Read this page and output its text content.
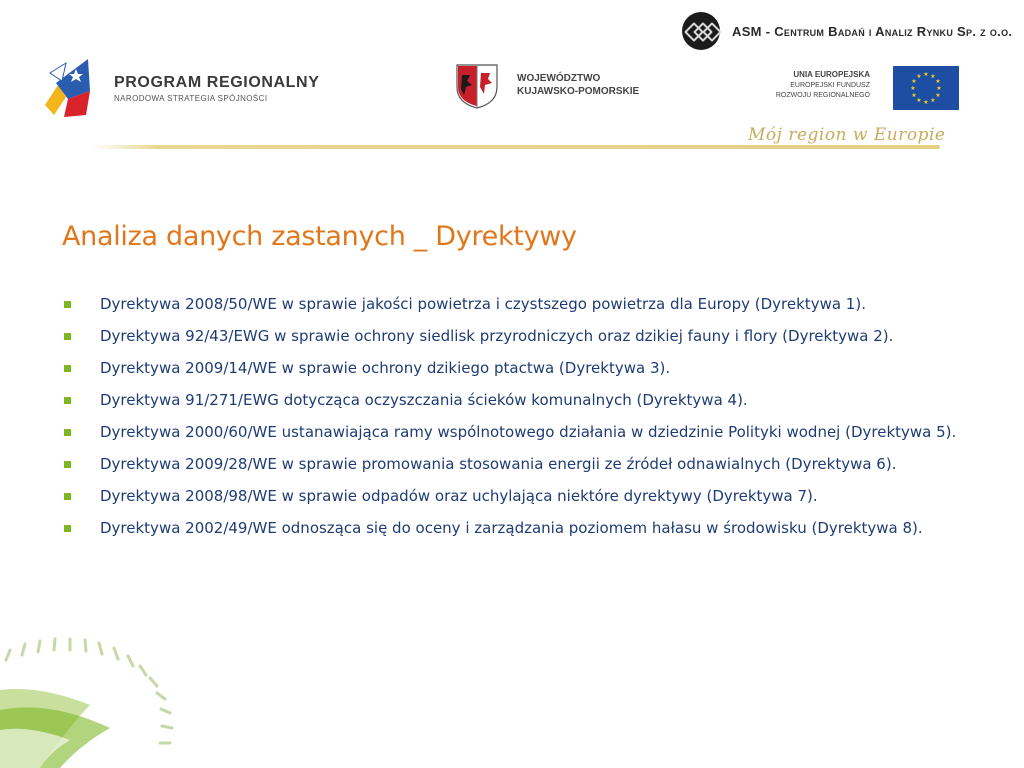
ASM - Centrum Badań i Analiz Rynku Sp. z o.o.
PROGRAM REGIONALNY
NARODOWA STRATEGIA SPÓJNOŚCI
WOJEWÓDZTWO
KUJAWSKO-POMORSKIE
UNIA EUROPEJSKA
EUROPEJSKI FUNDUSZ
ROZWOJU REGIONALNEGO
★ ★
★
★
★
★
★
★
★
★
★
★
Mój region w Europie
Analiza danych zastanych _ Dyrektywy
Dyrektywa 2008/50/WE w sprawie jakości powietrza i czystszego powietrza dla Europy (Dyrektywa 1).
Dyrektywa 92/43/EWG w sprawie ochrony siedlisk przyrodniczych oraz dzikiej fauny i flory (Dyrektywa 2).
Dyrektywa 2009/14/WE w sprawie ochrony dzikiego ptactwa (Dyrektywa 3).
Dyrektywa 91/271/EWG dotycząca oczyszczania ścieków komunalnych (Dyrektywa 4).
Dyrektywa 2000/60/WE ustanawiająca ramy wspólnotowego działania w dziedzinie Polityki wodnej (Dyrektywa 5).
Dyrektywa 2009/28/WE w sprawie promowania stosowania energii ze źródeł odnawialnych (Dyrektywa 6).
Dyrektywa 2008/98/WE w sprawie odpadów oraz uchylająca niektóre dyrektywy (Dyrektywa 7).
Dyrektywa 2002/49/WE odnosząca się do oceny i zarządzania poziomem hałasu w środowisku (Dyrektywa 8).
